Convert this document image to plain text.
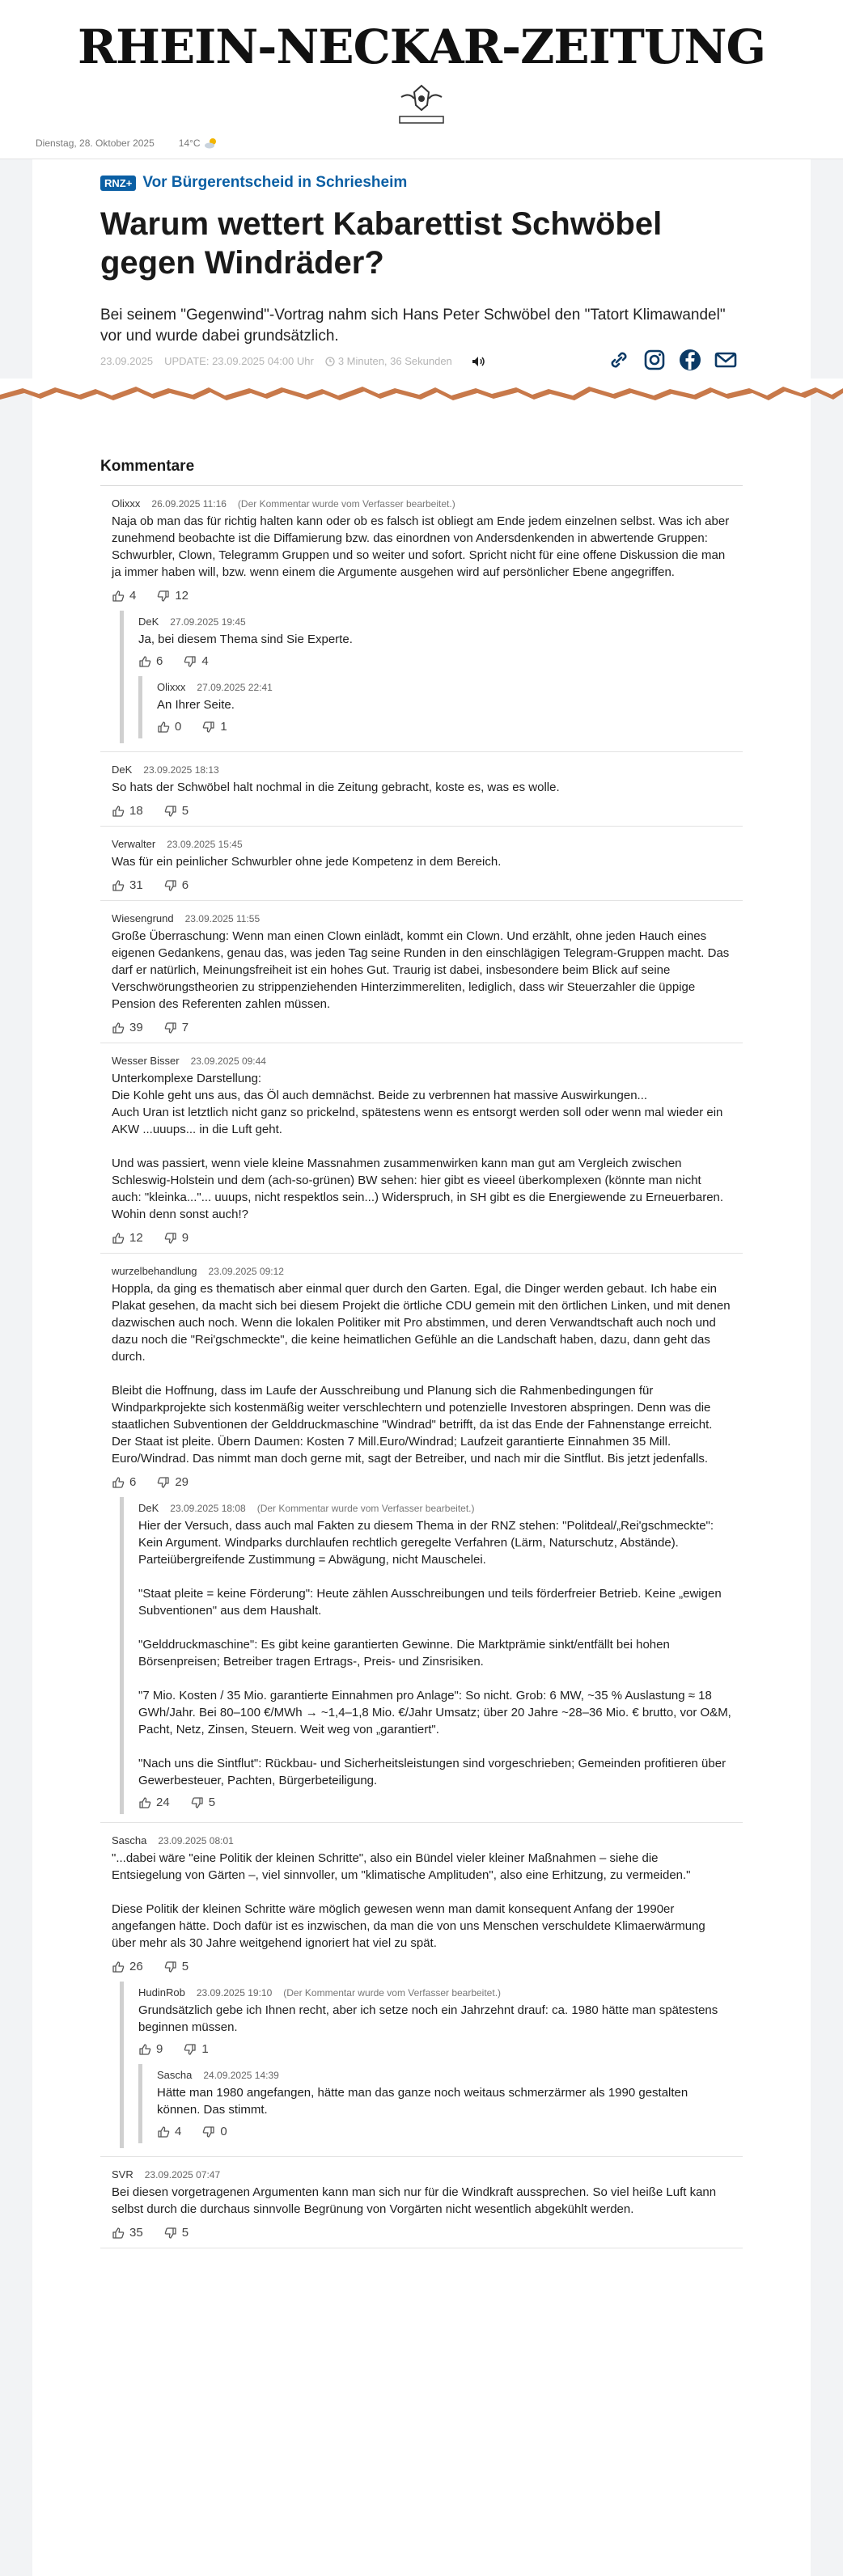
RHEIN-NECKAR-ZEITUNG
Dienstag, 28. Oktober 2025	14°C
RNZ+ Vor Bürgerentscheid in Schriesheim
Warum wettert Kabarettist Schwöbel gegen Windräder?
Bei seinem "Gegenwind"-Vortrag nahm sich Hans Peter Schwöbel den "Tatort Klimawandel" vor und wurde dabei grundsätzlich.
23.09.2025 UPDATE: 23.09.2025 04:00 Uhr 3 Minuten, 36 Sekunden
Kommentare
Olixxx 26.09.2025 11:16 (Der Kommentar wurde vom Verfasser bearbeitet.)
Naja ob man das für richtig halten kann oder ob es falsch ist obliegt am Ende jedem einzelnen selbst. Was ich aber zunehmend beobachte ist die Diffamierung bzw. das einordnen von Andersdenkenden in abwertende Gruppen: Schwurbler, Clown, Telegramm Gruppen und so weiter und sofort. Spricht nicht für eine offene Diskussion die man ja immer haben will, bzw. wenn einem die Argumente ausgehen wird auf persönlicher Ebene angegriffen.
4	12
DeK 27.09.2025 19:45
Ja, bei diesem Thema sind Sie Experte.
6	4
Olixxx 27.09.2025 22:41
An Ihrer Seite.
0	1
DeK 23.09.2025 18:13
So hats der Schwöbel halt nochmal in die Zeitung gebracht, koste es, was es wolle.
18	5
Verwalter 23.09.2025 15:45
Was für ein peinlicher Schwurbler ohne jede Kompetenz in dem Bereich.
31	6
Wiesengrund 23.09.2025 11:55
Große Überraschung: Wenn man einen Clown einlädt, kommt ein Clown. Und erzählt, ohne jeden Hauch eines eigenen Gedankens, genau das, was jeden Tag seine Runden in den einschlägigen Telegram-Gruppen macht. Das darf er natürlich, Meinungsfreiheit ist ein hohes Gut. Traurig ist dabei, insbesondere beim Blick auf seine Verschwörungstheorien zu strippenziehenden Hinterzimmereliten, lediglich, dass wir Steuerzahler die üppige Pension des Referenten zahlen müssen.
39	7
Wesser Bisser 23.09.2025 09:44
Unterkomplexe Darstellung:
Die Kohle geht uns aus, das Öl auch demnächst. Beide zu verbrennen hat massive Auswirkungen...
Auch Uran ist letztlich nicht ganz so prickelnd, spätestens wenn es entsorgt werden soll oder wenn mal wieder ein AKW ...uuups... in die Luft geht.

Und was passiert, wenn viele kleine Massnahmen zusammenwirken kann man gut am Vergleich zwischen Schleswig-Holstein und dem (ach-so-grünen) BW sehen: hier gibt es vieeel überkomplexen (könnte man nicht auch: "kleinka..."... uuups, nicht respektlos sein...) Widerspruch, in SH gibt es die Energiewende zu Erneuerbaren. Wohin denn sonst auch!?
12	9
wurzelbehandlung 23.09.2025 09:12
Hoppla, da ging es thematisch aber einmal quer durch den Garten. Egal, die Dinger werden gebaut. Ich habe ein Plakat gesehen, da macht sich bei diesem Projekt die örtliche CDU gemein mit den örtlichen Linken, und mit denen dazwischen auch noch. Wenn die lokalen Politiker mit Pro abstimmen, und deren Verwandtschaft auch noch und dazu noch die "Rei'gschmeckte", die keine heimatlichen Gefühle an die Landschaft haben, dazu, dann geht das durch.

Bleibt die Hoffnung, dass im Laufe der Ausschreibung und Planung sich die Rahmenbedingungen für Windparkprojekte sich kostenmäßig weiter verschlechtern und potenzielle Investoren abspringen. Denn was die staatlichen Subventionen der Gelddruckmaschine "Windrad" betrifft, da ist das Ende der Fahnenstange erreicht. Der Staat ist pleite. Übern Daumen: Kosten 7 Mill.Euro/Windrad; Laufzeit garantierte Einnahmen 35 Mill. Euro/Windrad. Das nimmt man doch gerne mit, sagt der Betreiber, und nach mir die Sintflut. Bis jetzt jedenfalls.
6	29
DeK 23.09.2025 18:08 (Der Kommentar wurde vom Verfasser bearbeitet.)
Hier der Versuch, dass auch mal Fakten zu diesem Thema in der RNZ stehen: "Politdeal/„Rei'gschmeckte": Kein Argument. Windparks durchlaufen rechtlich geregelte Verfahren (Lärm, Naturschutz, Abstände). Parteiübergreifende Zustimmung = Abwägung, nicht Mauschelei.

"Staat pleite = keine Förderung": Heute zählen Ausschreibungen und teils förderfreier Betrieb. Keine „ewigen Subventionen" aus dem Haushalt.

"Gelddruckmaschine": Es gibt keine garantierten Gewinne. Die Marktprämie sinkt/entfällt bei hohen Börsenpreisen; Betreiber tragen Ertrags-, Preis- und Zinsrisiken.

"7 Mio. Kosten / 35 Mio. garantierte Einnahmen pro Anlage": So nicht. Grob: 6 MW, ~35 % Auslastung ≈ 18 GWh/Jahr. Bei 80–100 €/MWh → ~1,4–1,8 Mio. €/Jahr Umsatz; über 20 Jahre ~28–36 Mio. € brutto, vor O&M, Pacht, Netz, Zinsen, Steuern. Weit weg von „garantiert".

"Nach uns die Sintflut": Rückbau- und Sicherheitsleistungen sind vorgeschrieben; Gemeinden profitieren über Gewerbesteuer, Pachten, Bürgerbeteiligung.
24	5
Sascha 23.09.2025 08:01
"...dabei wäre "eine Politik der kleinen Schritte", also ein Bündel vieler kleiner Maßnahmen – siehe die Entsiegelung von Gärten –, viel sinnvoller, um "klimatische Amplituden", also eine Erhitzung, zu vermeiden."

Diese Politik der kleinen Schritte wäre möglich gewesen wenn man damit konsequent Anfang der 1990er angefangen hätte. Doch dafür ist es inzwischen, da man die von uns Menschen verschuldete Klimaerwärmung über mehr als 30 Jahre weitgehend ignoriert hat viel zu spät.
26	5
HudinRob 23.09.2025 19:10 (Der Kommentar wurde vom Verfasser bearbeitet.)
Grundsätzlich gebe ich Ihnen recht, aber ich setze noch ein Jahrzehnt drauf: ca. 1980 hätte man spätestens beginnen müssen.
9	1
Sascha 24.09.2025 14:39
Hätte man 1980 angefangen, hätte man das ganze noch weitaus schmerzärmer als 1990 gestalten können. Das stimmt.
4	0
SVR 23.09.2025 07:47
Bei diesen vorgetragenen Argumenten kann man sich nur für die Windkraft aussprechen. So viel heiße Luft kann selbst durch die durchaus sinnvolle Begrünung von Vorgärten nicht wesentlich abgekühlt werden.
35	5
